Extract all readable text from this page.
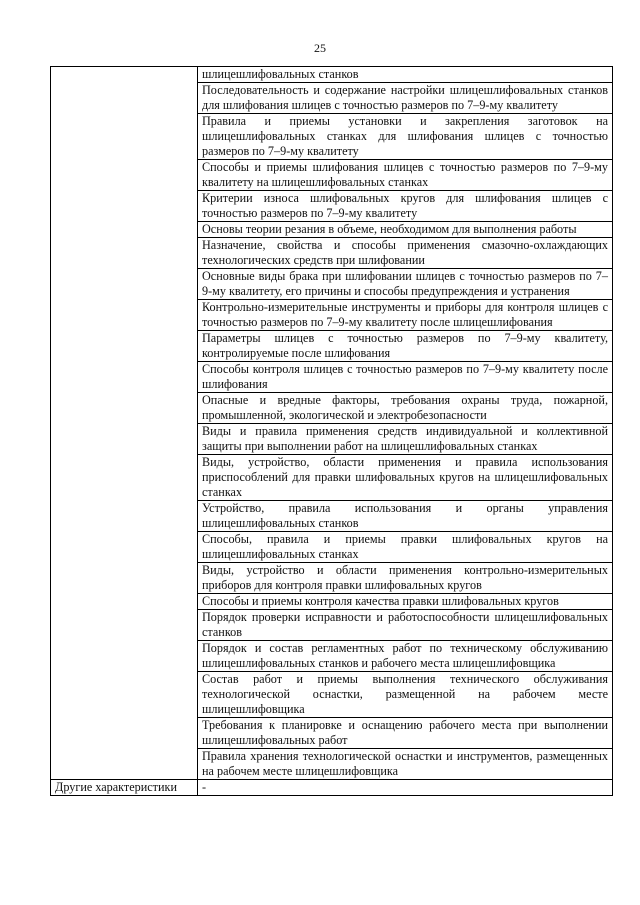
25
	шлицешлифовальных станков
	Последовательность и содержание настройки шлицешлифовальных станков для шлифования шлицев с точностью размеров по 7–9-му квалитету
	Правила и приемы установки и закрепления заготовок на шлицешлифовальных станках для шлифования шлицев с точностью размеров по 7–9-му квалитету
	Способы и приемы шлифования шлицев с точностью размеров по 7–9-му квалитету на шлицешлифовальных станках
	Критерии износа шлифовальных кругов для шлифования шлицев с точностью размеров по 7–9-му квалитету
	Основы теории резания в объеме, необходимом для выполнения работы
	Назначение, свойства и способы применения смазочно-охлаждающих технологических средств при шлифовании
	Основные виды брака при шлифовании шлицев с точностью размеров по 7–9-му квалитету, его причины и способы предупреждения и устранения
	Контрольно-измерительные инструменты и приборы для контроля шлицев с точностью размеров по 7–9-му квалитету после шлицешлифования
	Параметры шлицев с точностью размеров по 7–9-му квалитету, контролируемые после шлифования
	Способы контроля шлицев с точностью размеров по 7–9-му квалитету после шлифования
	Опасные и вредные факторы, требования охраны труда, пожарной, промышленной, экологической и электробезопасности
	Виды и правила применения средств индивидуальной и коллективной защиты при выполнении работ на шлицешлифовальных станках
	Виды, устройство, области применения и правила использования приспособлений для правки шлифовальных кругов на шлицешлифовальных станках
	Устройство, правила использования и органы управления шлицешлифовальных станков
	Способы, правила и приемы правки шлифовальных кругов на шлицешлифовальных станках
	Виды, устройство и области применения контрольно-измерительных приборов для контроля правки шлифовальных кругов
	Способы и приемы контроля качества правки шлифовальных кругов
	Порядок проверки исправности и работоспособности шлицешлифовальных станков
	Порядок и состав регламентных работ по техническому обслуживанию шлицешлифовальных станков и рабочего места шлицешлифовщика
	Состав работ и приемы выполнения технического обслуживания технологической оснастки, размещенной на рабочем месте шлицешлифовщика
	Требования к планировке и оснащению рабочего места при выполнении шлицешлифовальных работ
	Правила хранения технологической оснастки и инструментов, размещенных на рабочем месте шлицешлифовщика
Другие характеристики	-
